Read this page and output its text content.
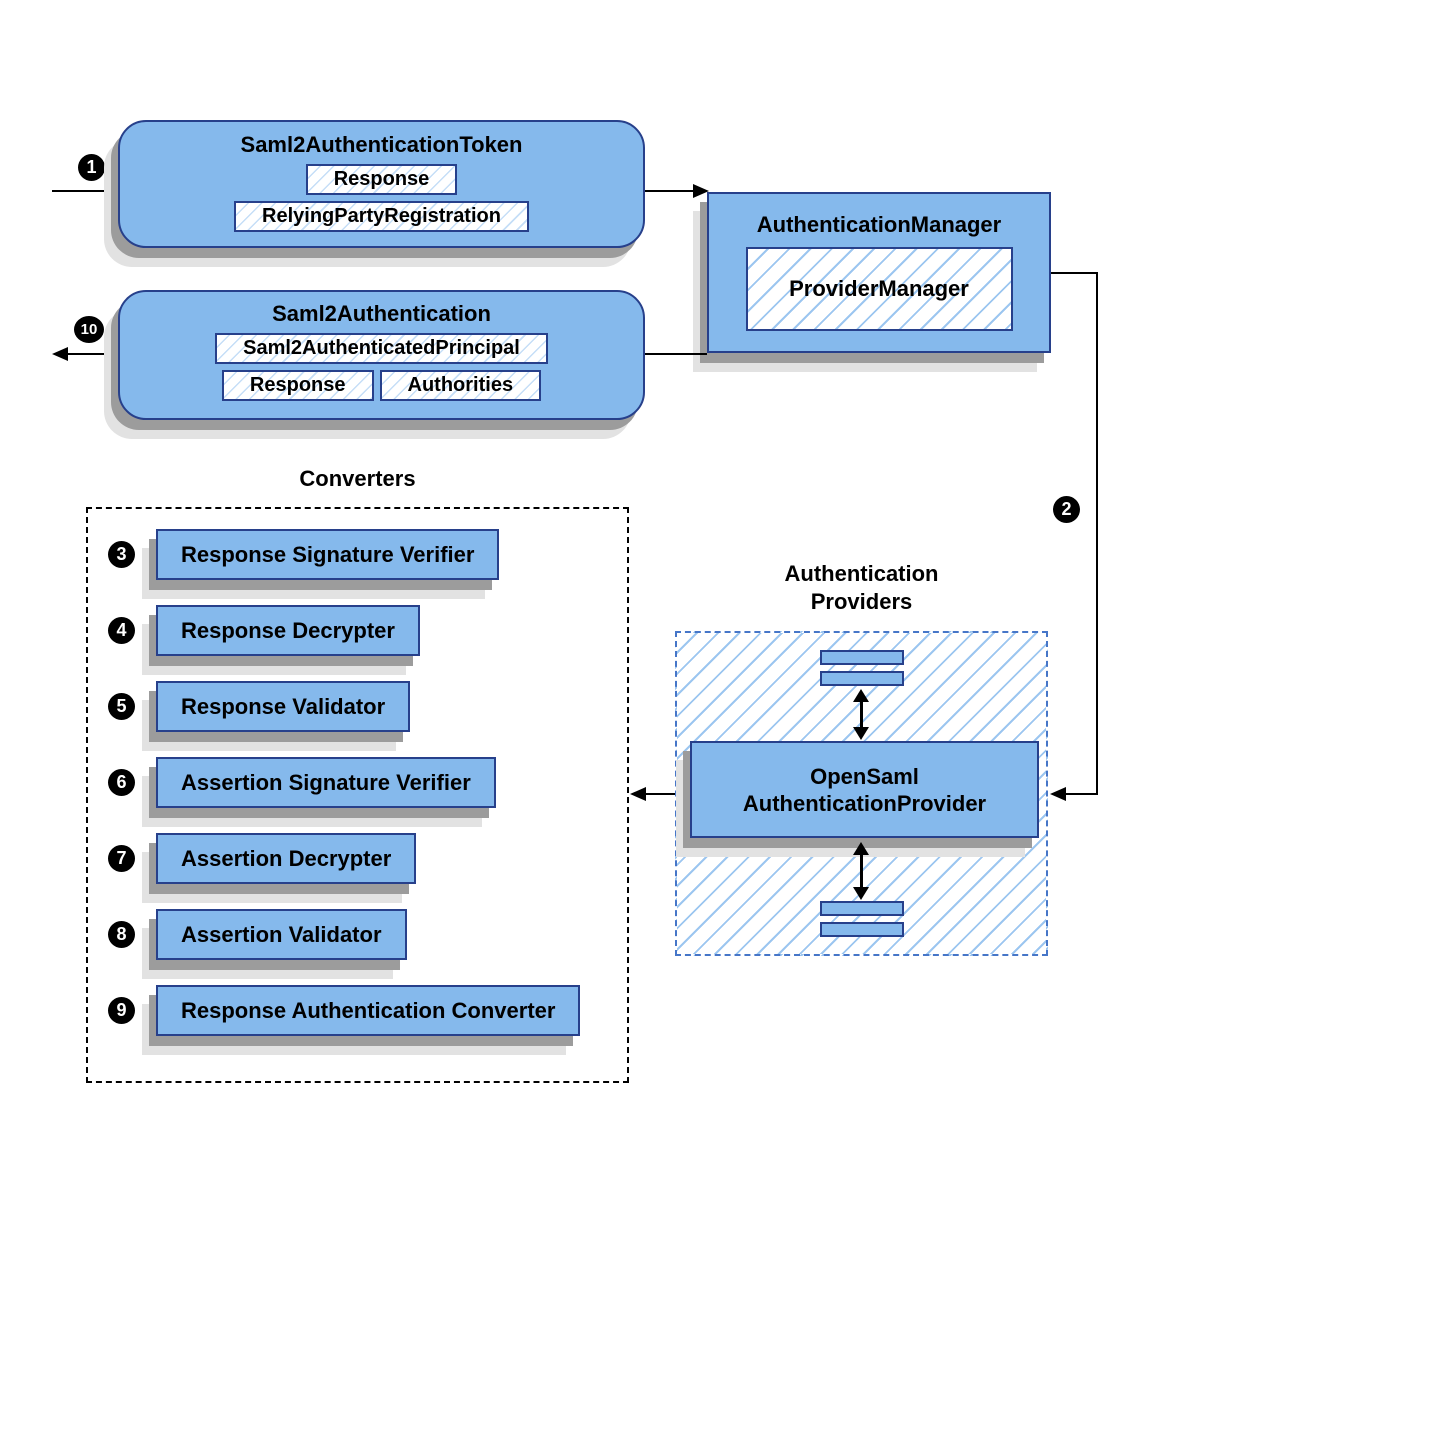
1
Saml2AuthenticationToken
Response
RelyingPartyRegistration	AuthenticationManager
ProviderManager
10
Saml2Authentication
Saml2AuthenticatedPrincipal
Response	Authorities
2
Converters
3	Response Signature Verifier
4	Response Decrypter
5	Response Validator
6	Assertion Signature Verifier
7	Assertion Decrypter
8	Assertion Validator
9	Response Authentication Converter
Authentication
Providers
OpenSaml
AuthenticationProvider
